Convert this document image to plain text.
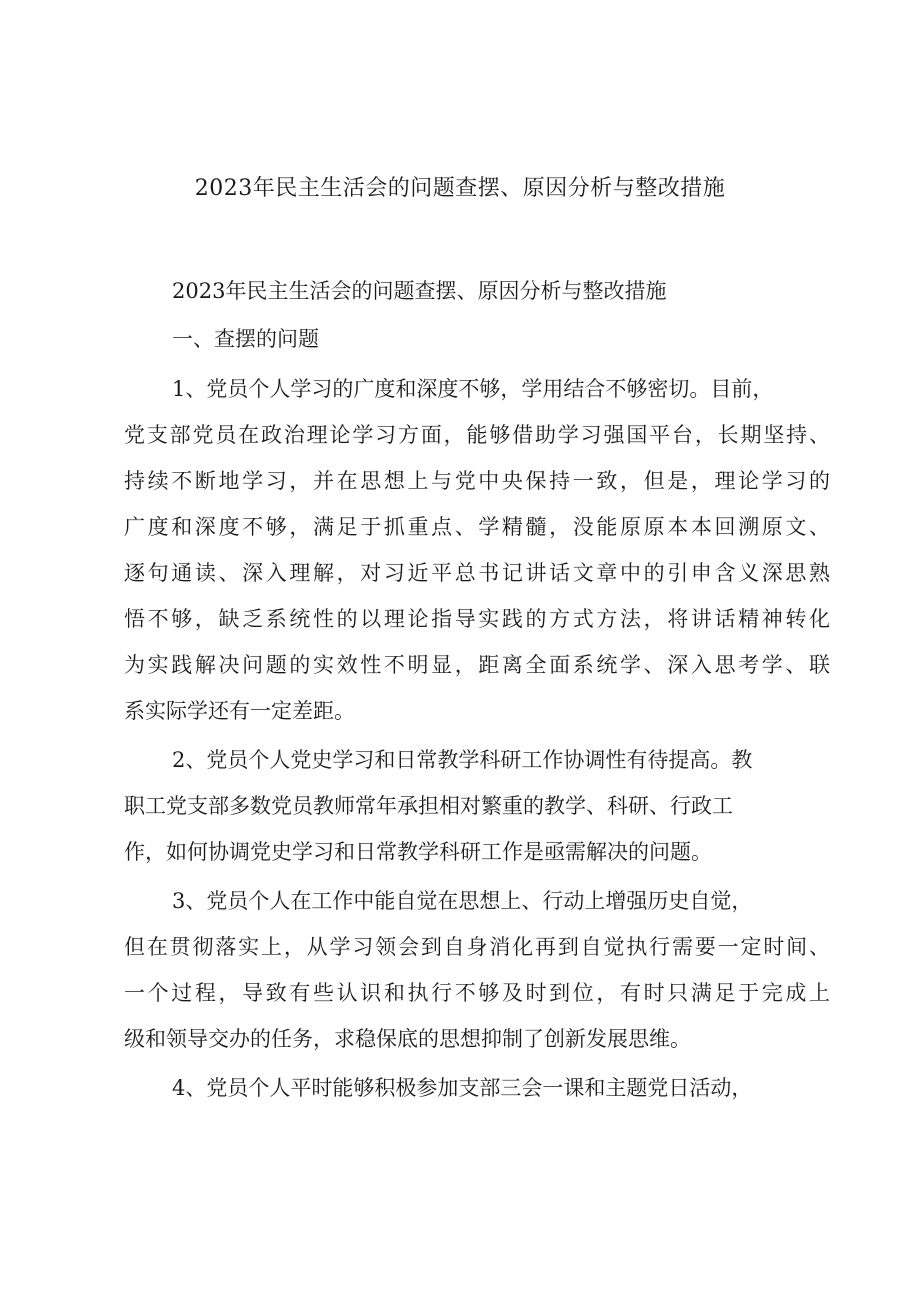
2023年民主生活会的问题查摆、原因分析与整改措施
2023年民主生活会的问题查摆、原因分析与整改措施
一、查摆的问题
1、党员个人学习的广度和深度不够，学用结合不够密切。目前，
党支部党员在政治理论学习方面，能够借助学习强国平台，长期坚持、
持续不断地学习，并在思想上与党中央保持一致，但是，理论学习的
广度和深度不够，满足于抓重点、学精髓，没能原原本本回溯原文、
逐句通读、深入理解，对习近平总书记讲话文章中的引申含义深思熟
悟不够，缺乏系统性的以理论指导实践的方式方法，将讲话精神转化
为实践解决问题的实效性不明显，距离全面系统学、深入思考学、联
系实际学还有一定差距。
2、党员个人党史学习和日常教学科研工作协调性有待提高。教
职工党支部多数党员教师常年承担相对繁重的教学、科研、行政工
作，如何协调党史学习和日常教学科研工作是亟需解决的问题。
3、党员个人在工作中能自觉在思想上、行动上增强历史自觉，
但在贯彻落实上，从学习领会到自身消化再到自觉执行需要一定时间、
一个过程，导致有些认识和执行不够及时到位，有时只满足于完成上
级和领导交办的任务，求稳保底的思想抑制了创新发展思维。
4、党员个人平时能够积极参加支部三会一课和主题党日活动，
